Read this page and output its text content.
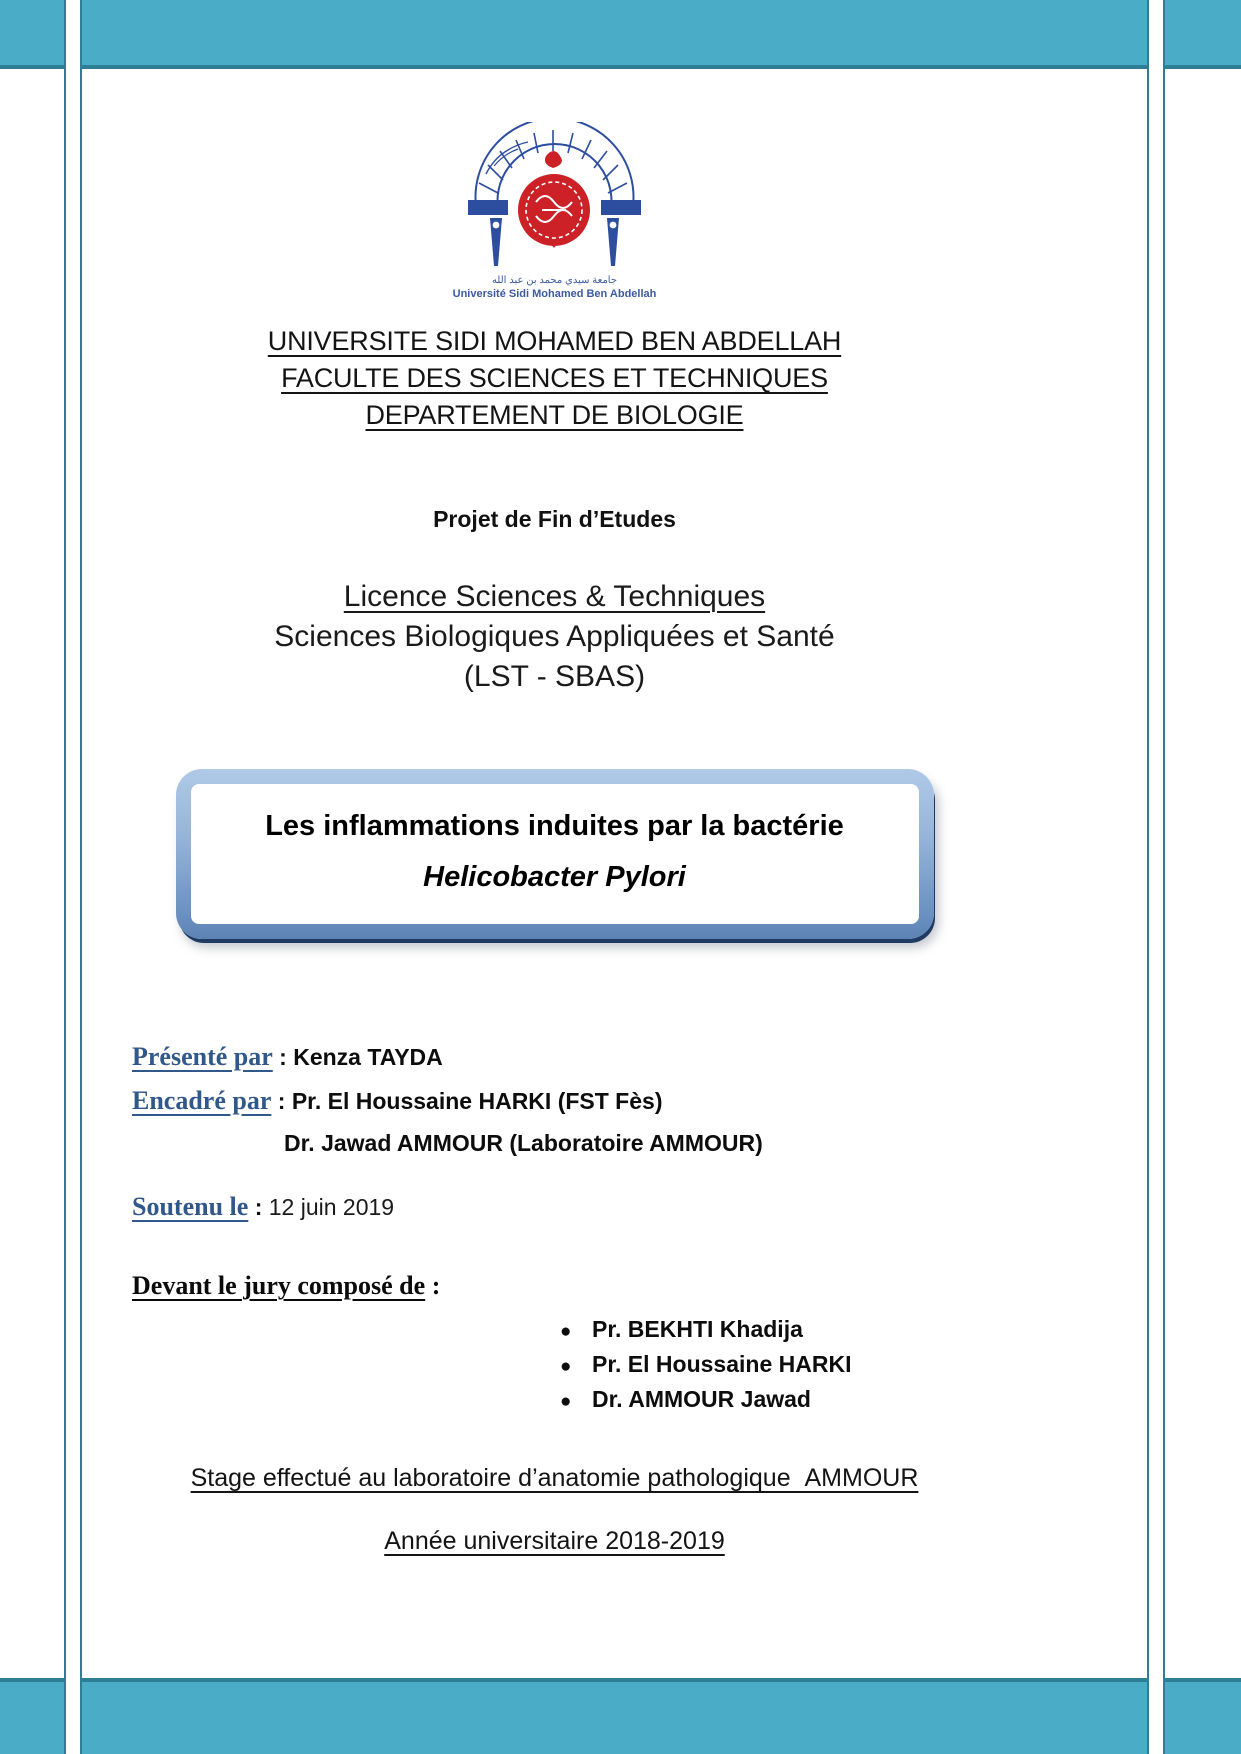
جامعة سيدي محمد بن عبد الله
Université Sidi Mohamed Ben Abdellah
UNIVERSITE SIDI MOHAMED BEN ABDELLAH
FACULTE DES SCIENCES ET TECHNIQUES
DEPARTEMENT DE BIOLOGIE
Projet de Fin d’Etudes
Licence Sciences & Techniques
Sciences Biologiques Appliquées et Santé
(LST - SBAS)
Les inflammations induites par la bactérie
Helicobacter Pylori
Présenté par : Kenza TAYDA
Encadré par : Pr. El Houssaine HARKI (FST Fès)
Dr. Jawad AMMOUR (Laboratoire AMMOUR)
Soutenu le : 12 juin 2019
Devant le jury composé de :
● Pr. BEKHTI Khadija
● Pr. El Houssaine HARKI
● Dr. AMMOUR Jawad
Stage effectué au laboratoire d’anatomie pathologique  AMMOUR
Année universitaire 2018-2019
